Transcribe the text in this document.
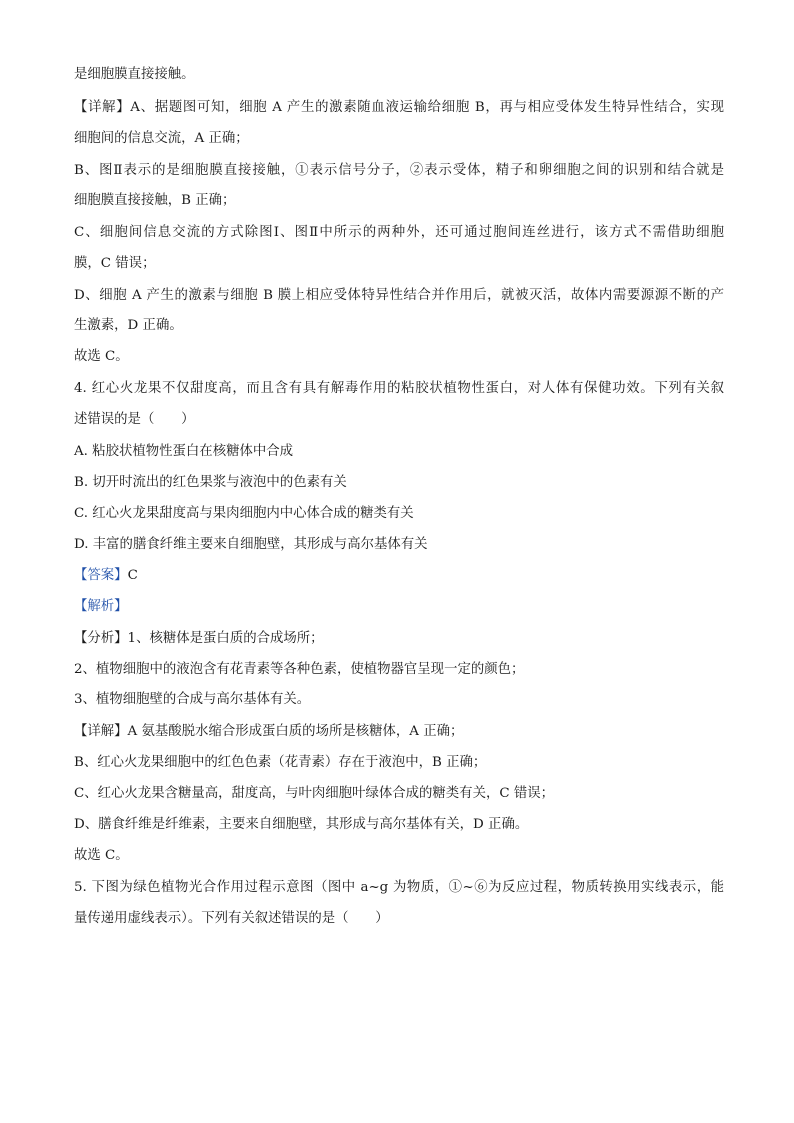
是细胞膜直接接触。
【详解】A、据题图可知，细胞 A 产生的激素随血液运输给细胞 B，再与相应受体发生特异性结合，实现
细胞间的信息交流，A 正确；
B、图Ⅱ表示的是细胞膜直接接触，①表示信号分子，②表示受体，精子和卵细胞之间的识别和结合就是
细胞膜直接接触，B 正确；
C、细胞间信息交流的方式除图Ⅰ、图Ⅱ中所示的两种外，还可通过胞间连丝进行，该方式不需借助细胞
膜，C 错误；
D、细胞 A 产生的激素与细胞 B 膜上相应受体特异性结合并作用后，就被灭活，故体内需要源源不断的产
生激素，D 正确。
故选 C。
4. 红心火龙果不仅甜度高，而且含有具有解毒作用的粘胶状植物性蛋白，对人体有保健功效。下列有关叙
述错误的是（　　）
A. 粘胶状植物性蛋白在核糖体中合成
B. 切开时流出的红色果浆与液泡中的色素有关
C. 红心火龙果甜度高与果肉细胞内中心体合成的糖类有关
D. 丰富的膳食纤维主要来自细胞壁，其形成与高尔基体有关
【答案】C
【解析】
【分析】1、核糖体是蛋白质的合成场所；
2、植物细胞中的液泡含有花青素等各种色素，使植物器官呈现一定的颜色；
3、植物细胞壁的合成与高尔基体有关。
【详解】A 氨基酸脱水缩合形成蛋白质的场所是核糖体，A 正确；
B、红心火龙果细胞中的红色色素（花青素）存在于液泡中，B 正确；
C、红心火龙果含糖量高，甜度高，与叶肉细胞叶绿体合成的糖类有关，C 错误；
D、膳食纤维是纤维素，主要来自细胞壁，其形成与高尔基体有关，D 正确。
故选 C。
5. 下图为绿色植物光合作用过程示意图（图中 a~g 为物质，①~⑥为反应过程，物质转换用实线表示，能
量传递用虚线表示）。下列有关叙述错误的是（　　）
